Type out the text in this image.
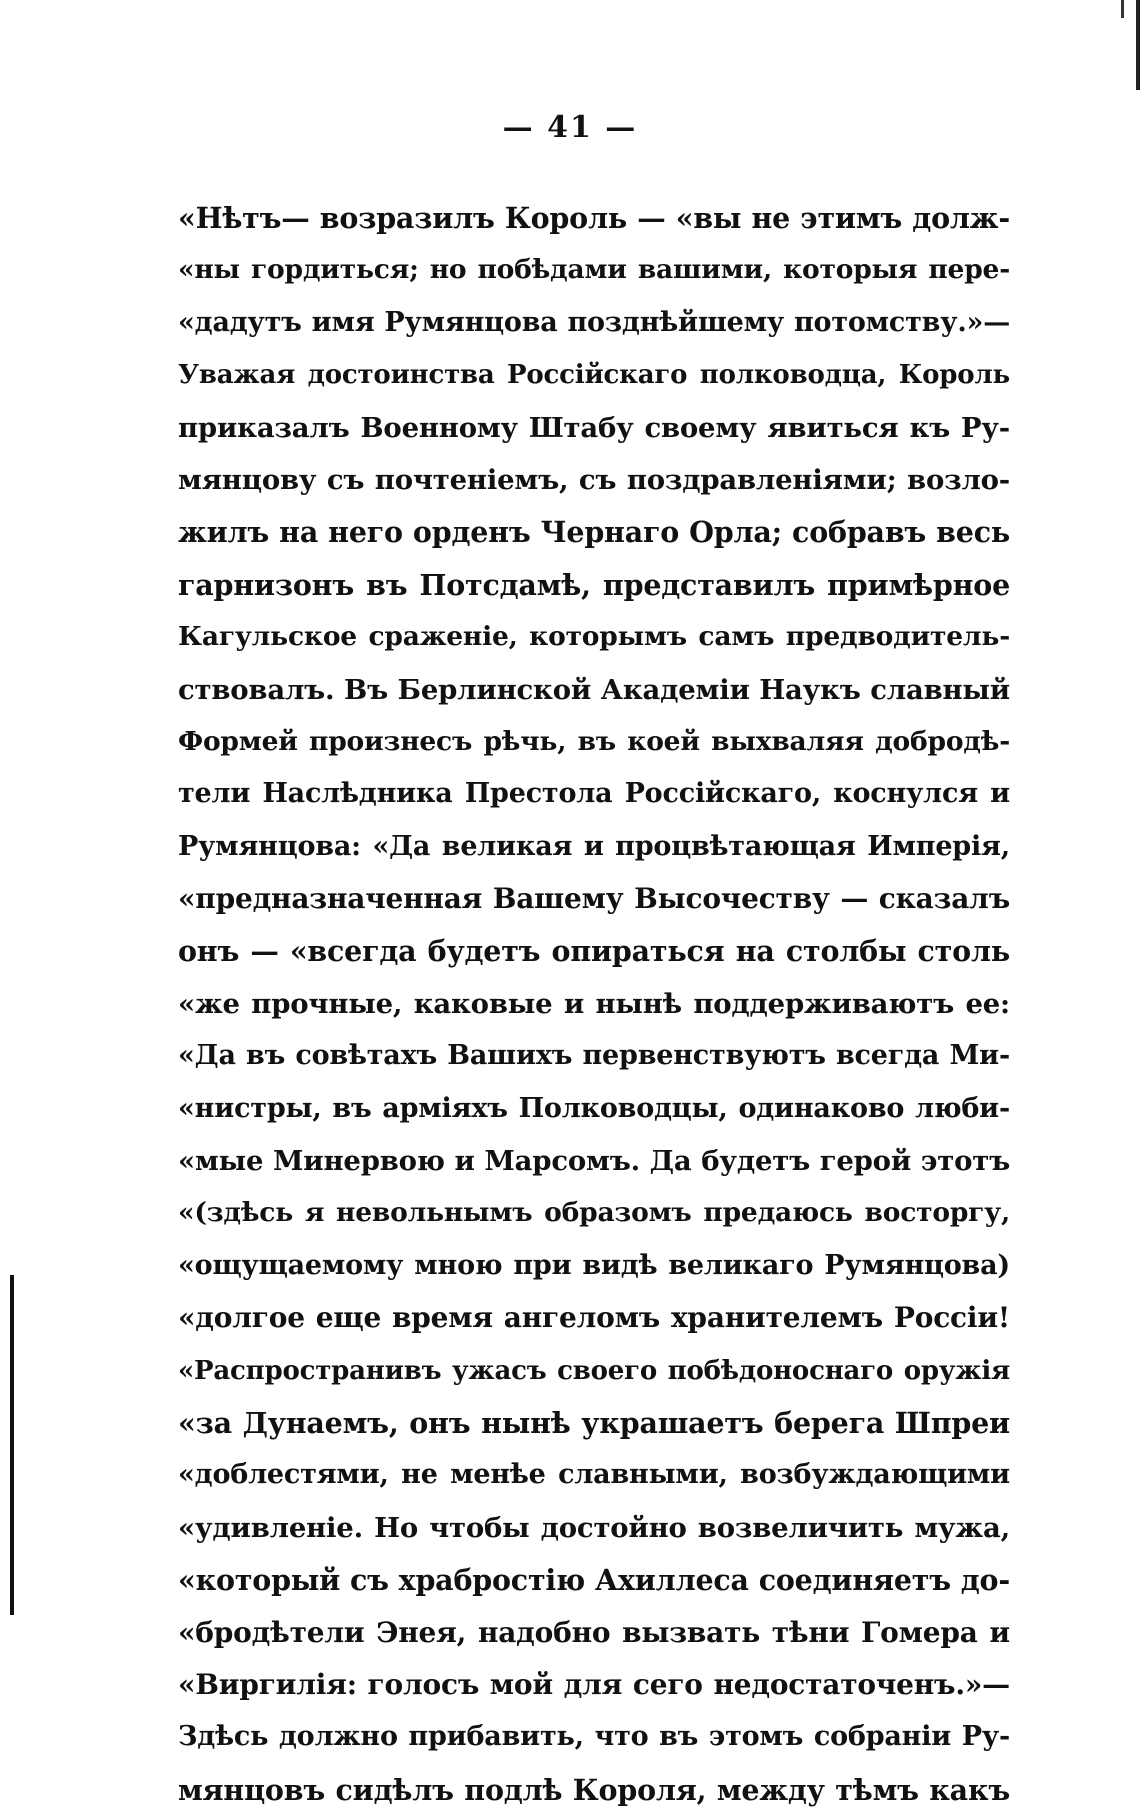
— 41 —
«Нѣтъ— возразилъ Король — «вы не этимъ долж-
«ны гордиться; но побѣдами вашими, которыя пере-
«дадутъ имя Румянцова позднѣйшему потомству.»—
Уважая достоинства Россійскаго полководца, Король
приказалъ Военному Штабу своему явиться къ Ру-
мянцову съ почтеніемъ, съ поздравленіями; возло-
жилъ на него орденъ Чернаго Орла; собравъ весь
гарнизонъ въ Потсдамѣ, представилъ примѣрное
Кагульское сраженіе, которымъ самъ предводитель-
ствовалъ. Въ Берлинской Академіи Наукъ славный
Формей произнесъ рѣчь, въ коей выхваляя добродѣ-
тели Наслѣдника Престола Россійскаго, коснулся и
Румянцова: «Да великая и процвѣтающая Имперія,
«предназначенная Вашему Высочеству — сказалъ
онъ — «всегда будетъ опираться на столбы столь
«же прочные, каковые и нынѣ поддерживаютъ ее:
«Да въ совѣтахъ Вашихъ первенствуютъ всегда Ми-
«нистры, въ арміяхъ Полководцы, одинаково люби-
«мые Минервою и Марсомъ. Да будетъ герой этотъ
«(здѣсь я невольнымъ образомъ предаюсь восторгу,
«ощущаемому мною при видѣ великаго Румянцова)
«долгое еще время ангеломъ хранителемъ Россіи!
«Распространивъ ужасъ своего побѣдоноснаго оружія
«за Дунаемъ, онъ нынѣ украшаетъ берега Шпреи
«доблестями, не менѣе славными, возбуждающими
«удивленіе. Но чтобы достойно возвеличить мужа,
«который съ храбростію Ахиллеса соединяетъ до-
«бродѣтели Энея, надобно вызвать тѣни Гомера и
«Виргилія: голосъ мой для сего недостаточенъ.»—
Здѣсь должно прибавить, что въ этомъ собраніи Ру-
мянцовъ сидѣлъ подлѣ Короля, между тѣмъ какъ
